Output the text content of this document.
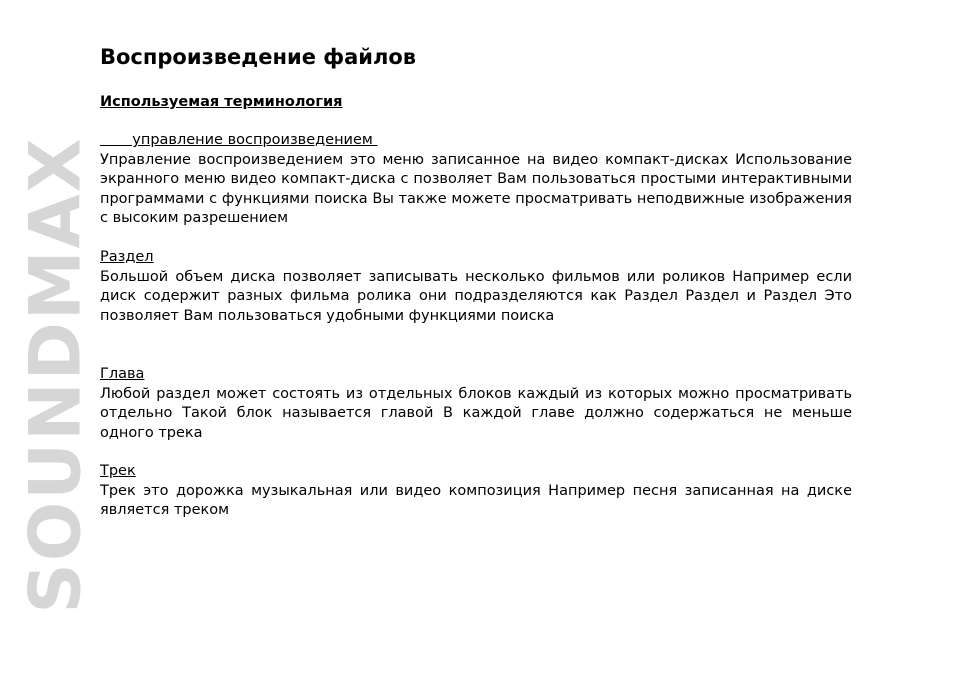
SOUNDMAX
Воспроизведение файлов
Используемая терминология
управление воспроизведением

Управление воспроизведением это меню записанное на видео компакт-дисках Использование экранного меню видео компакт-диска с позволяет Вам пользоваться простыми интерактивными программами с функциями поиска Вы также можете просматривать неподвижные изображения с высоким разрешением

Раздел

Большой объем диска позволяет записывать несколько фильмов или роликов Например если диск содержит разных фильма ролика они подразделяются как Раздел Раздел и Раздел Это позволяет Вам пользоваться удобными функциями поиска

Глава

Любой раздел может состоять из отдельных блоков каждый из которых можно просматривать отдельно Такой блок называется главой В каждой главе должно содержаться не меньше одного трека

Трек

Трек это дорожка музыкальная или видео композиция Например песня записанная на диске является треком
